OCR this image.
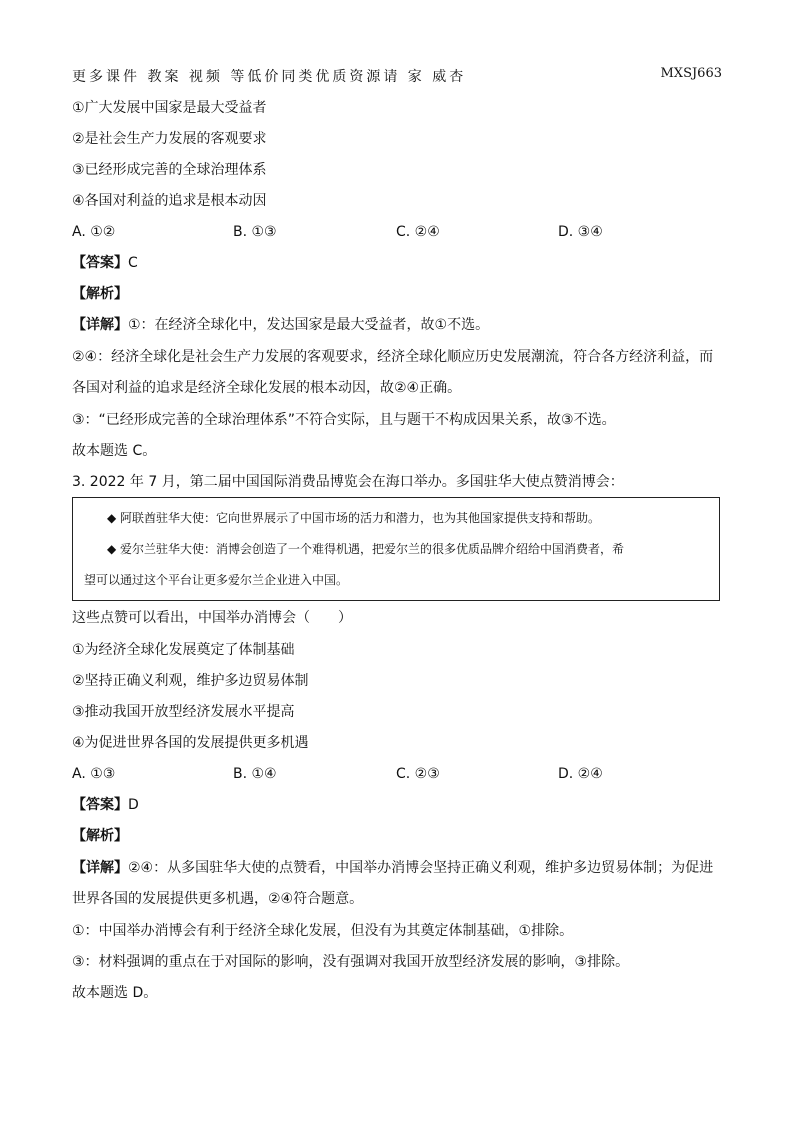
更多课件 教案 视频 等低价同类优质资源请 家 威杏	MXSJ663
①广大发展中国家是最大受益者
②是社会生产力发展的客观要求
③已经形成完善的全球治理体系
④各国对利益的追求是根本动因
A. ①②	B. ①③	C. ②④	D. ③④
【答案】C
【解析】
【详解】①：在经济全球化中，发达国家是最大受益者，故①不选。
②④：经济全球化是社会生产力发展的客观要求，经济全球化顺应历史发展潮流，符合各方经济利益，而
各国对利益的追求是经济全球化发展的根本动因，故②④正确。
③：“已经形成完善的全球治理体系”不符合实际，且与题干不构成因果关系，故③不选。
故本题选 C。
3. 2022 年 7 月，第二届中国国际消费品博览会在海口举办。多国驻华大使点赞消博会：
◆ 阿联酋驻华大使：它向世界展示了中国市场的活力和潜力，也为其他国家提供支持和帮助。
◆ 爱尔兰驻华大使：消博会创造了一个难得机遇，把爱尔兰的很多优质品牌介绍给中国消费者，希
望可以通过这个平台让更多爱尔兰企业进入中国。
这些点赞可以看出，中国举办消博会（　　）
①为经济全球化发展奠定了体制基础
②坚持正确义利观，维护多边贸易体制
③推动我国开放型经济发展水平提高
④为促进世界各国的发展提供更多机遇
A. ①③	B. ①④	C. ②③	D. ②④
【答案】D
【解析】
【详解】②④：从多国驻华大使的点赞看，中国举办消博会坚持正确义利观，维护多边贸易体制；为促进
世界各国的发展提供更多机遇，②④符合题意。
①：中国举办消博会有利于经济全球化发展，但没有为其奠定体制基础，①排除。
③：材料强调的重点在于对国际的影响，没有强调对我国开放型经济发展的影响，③排除。
故本题选 D。
